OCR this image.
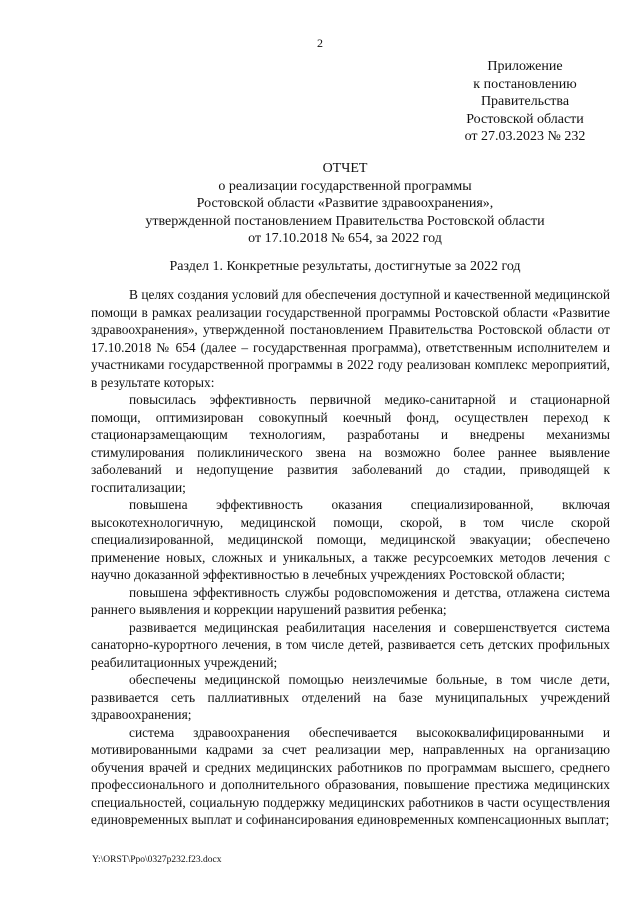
2
Приложение
к постановлению
Правительства
Ростовской области
от 27.03.2023 № 232
ОТЧЕТ
о реализации государственной программы
Ростовской области «Развитие здравоохранения»,
утвержденной постановлением Правительства Ростовской области
от 17.10.2018 № 654, за 2022 год
Раздел 1. Конкретные результаты, достигнутые за 2022 год

В целях создания условий для обеспечения доступной и качественной медицинской помощи в рамках реализации государственной программы Ростовской области «Развитие здравоохранения», утвержденной постановлением Правительства Ростовской области от 17.10.2018 № 654 (далее – государственная программа), ответственным исполнителем и участниками государственной программы в 2022 году реализован комплекс мероприятий, в результате которых:

повысилась эффективность первичной медико-санитарной и стационарной помощи, оптимизирован совокупный коечный фонд, осуществлен переход к стационарзамещающим технологиям, разработаны и внедрены механизмы стимулирования поликлинического звена на возможно более раннее выявление заболеваний и недопущение развития заболеваний до стадии, приводящей к госпитализации;

повышена эффективность оказания специализированной, включая высокотехнологичную, медицинской помощи, скорой, в том числе скорой специализированной, медицинской помощи, медицинской эвакуации; обеспечено применение новых, сложных и уникальных, а также ресурсоемких методов лечения с научно доказанной эффективностью в лечебных учреждениях Ростовской области;

повышена эффективность службы родовспоможения и детства, отлажена система раннего выявления и коррекции нарушений развития ребенка;

развивается медицинская реабилитация населения и совершенствуется система санаторно-курортного лечения, в том числе детей, развивается сеть детских профильных реабилитационных учреждений;

обеспечены медицинской помощью неизлечимые больные, в том числе дети, развивается сеть паллиативных отделений на базе муниципальных учреждений здравоохранения;

система здравоохранения обеспечивается высококвалифицированными и мотивированными кадрами за счет реализации мер, направленных на организацию обучения врачей и средних медицинских работников по программам высшего, среднего профессионального и дополнительного образования, повышение престижа медицинских специальностей, социальную поддержку медицинских работников в части осуществления единовременных выплат и софинансирования единовременных компенсационных выплат;

Y:\ORST\Ppo\0327p232.f23.docx
